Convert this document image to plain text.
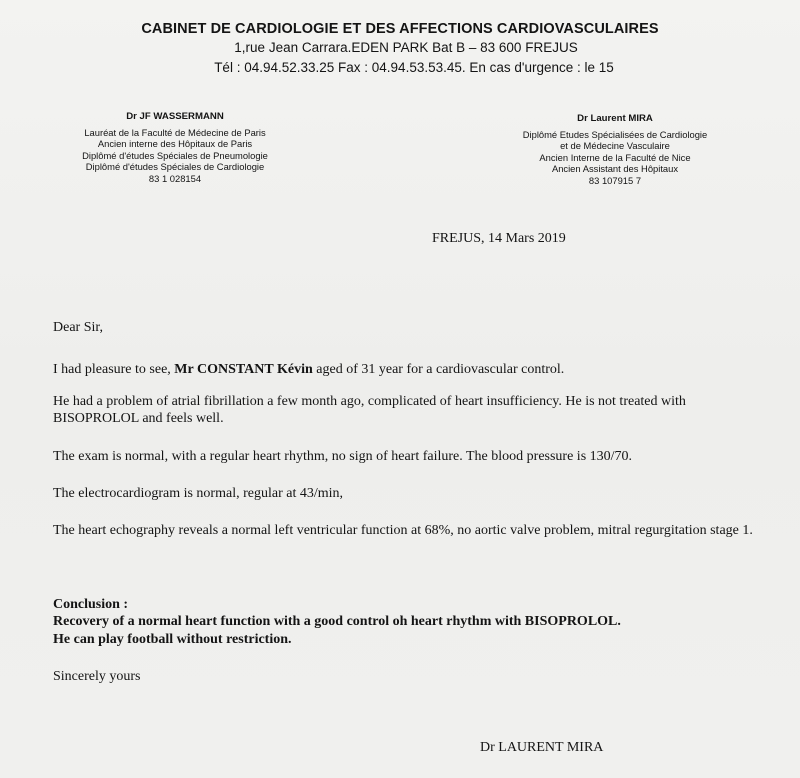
CABINET DE CARDIOLOGIE ET DES AFFECTIONS CARDIOVASCULAIRES
1,rue Jean Carrara.EDEN PARK Bat B – 83 600 FREJUS
Tél : 04.94.52.33.25 Fax : 04.94.53.53.45. En cas d'urgence : le 15
Dr JF WASSERMANN
Lauréat de la Faculté de Médecine de Paris
Ancien interne des Hôpitaux de Paris
Diplômé d'études Spéciales de Pneumologie
Diplômé d'études Spéciales de Cardiologie
83 1 028154
Dr Laurent MIRA
Diplômé Etudes Spécialisées de Cardiologie
et de Médecine Vasculaire
Ancien Interne de la Faculté de Nice
Ancien Assistant des Hôpitaux
83 107915 7
FREJUS, 14 Mars 2019
Dear Sir,
I had pleasure to see, Mr CONSTANT Kévin aged of 31 year for a cardiovascular control.
He had a problem of atrial fibrillation a few month ago, complicated of heart insufficiency. He is not treated with BISOPROLOL and feels well.
The exam is normal, with a regular heart rhythm, no sign of heart failure. The blood pressure is 130/70.
The electrocardiogram is normal, regular at 43/min,
The heart echography reveals a normal left ventricular function at 68%, no aortic valve problem, mitral regurgitation stage 1.
Conclusion :
Recovery of a normal heart function with a good control oh heart rhythm with BISOPROLOL.
He can play football without restriction.
Sincerely yours
Dr LAURENT MIRA
